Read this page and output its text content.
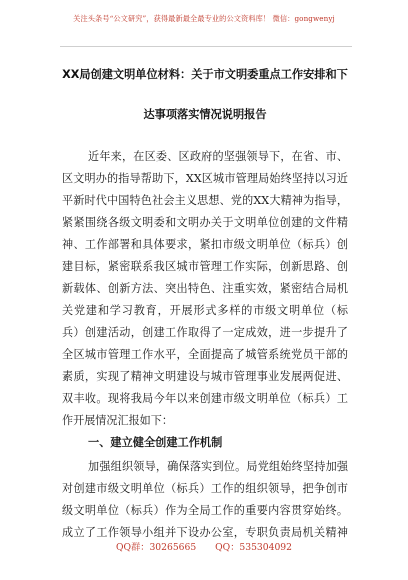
关注头条号“公文研究”，获得最新最全最专业的公文资料库！ 微信：gongwenyj
XX局创建文明单位材料：关于市文明委重点工作安排和下
达事项落实情况说明报告
近年来，在区委、区政府的坚强领导下，在省、市、
区文明办的指导帮助下，XX区城市管理局始终坚持以习近
平新时代中国特色社会主义思想、党的XX大精神为指导，
紧紧围绕各级文明委和文明办关于文明单位创建的文件精
神、工作部署和具体要求，紧扣市级文明单位（标兵）创
建目标，紧密联系我区城市管理工作实际，创新思路、创
新载体、创新方法、突出特色、注重实效，紧密结合局机
关党建和学习教育，开展形式多样的市级文明单位（标
兵）创建活动，创建工作取得了一定成效，进一步提升了
全区城市管理工作水平，全面提高了城管系统党员干部的
素质，实现了精神文明建设与城市管理事业发展两促进、
双丰收。现将我局今年以来创建市级文明单位（标兵）工
作开展情况汇报如下：
一、建立健全创建工作机制
加强组织领导，确保落实到位。局党组始终坚持加强
对创建市级文明单位（标兵）工作的组织领导，把争创市
级文明单位（标兵）作为全局工作的重要内容贯穿始终。
成立了工作领导小组并下设办公室，专职负责局机关精神
QQ群：30265665 QQ：535304092
